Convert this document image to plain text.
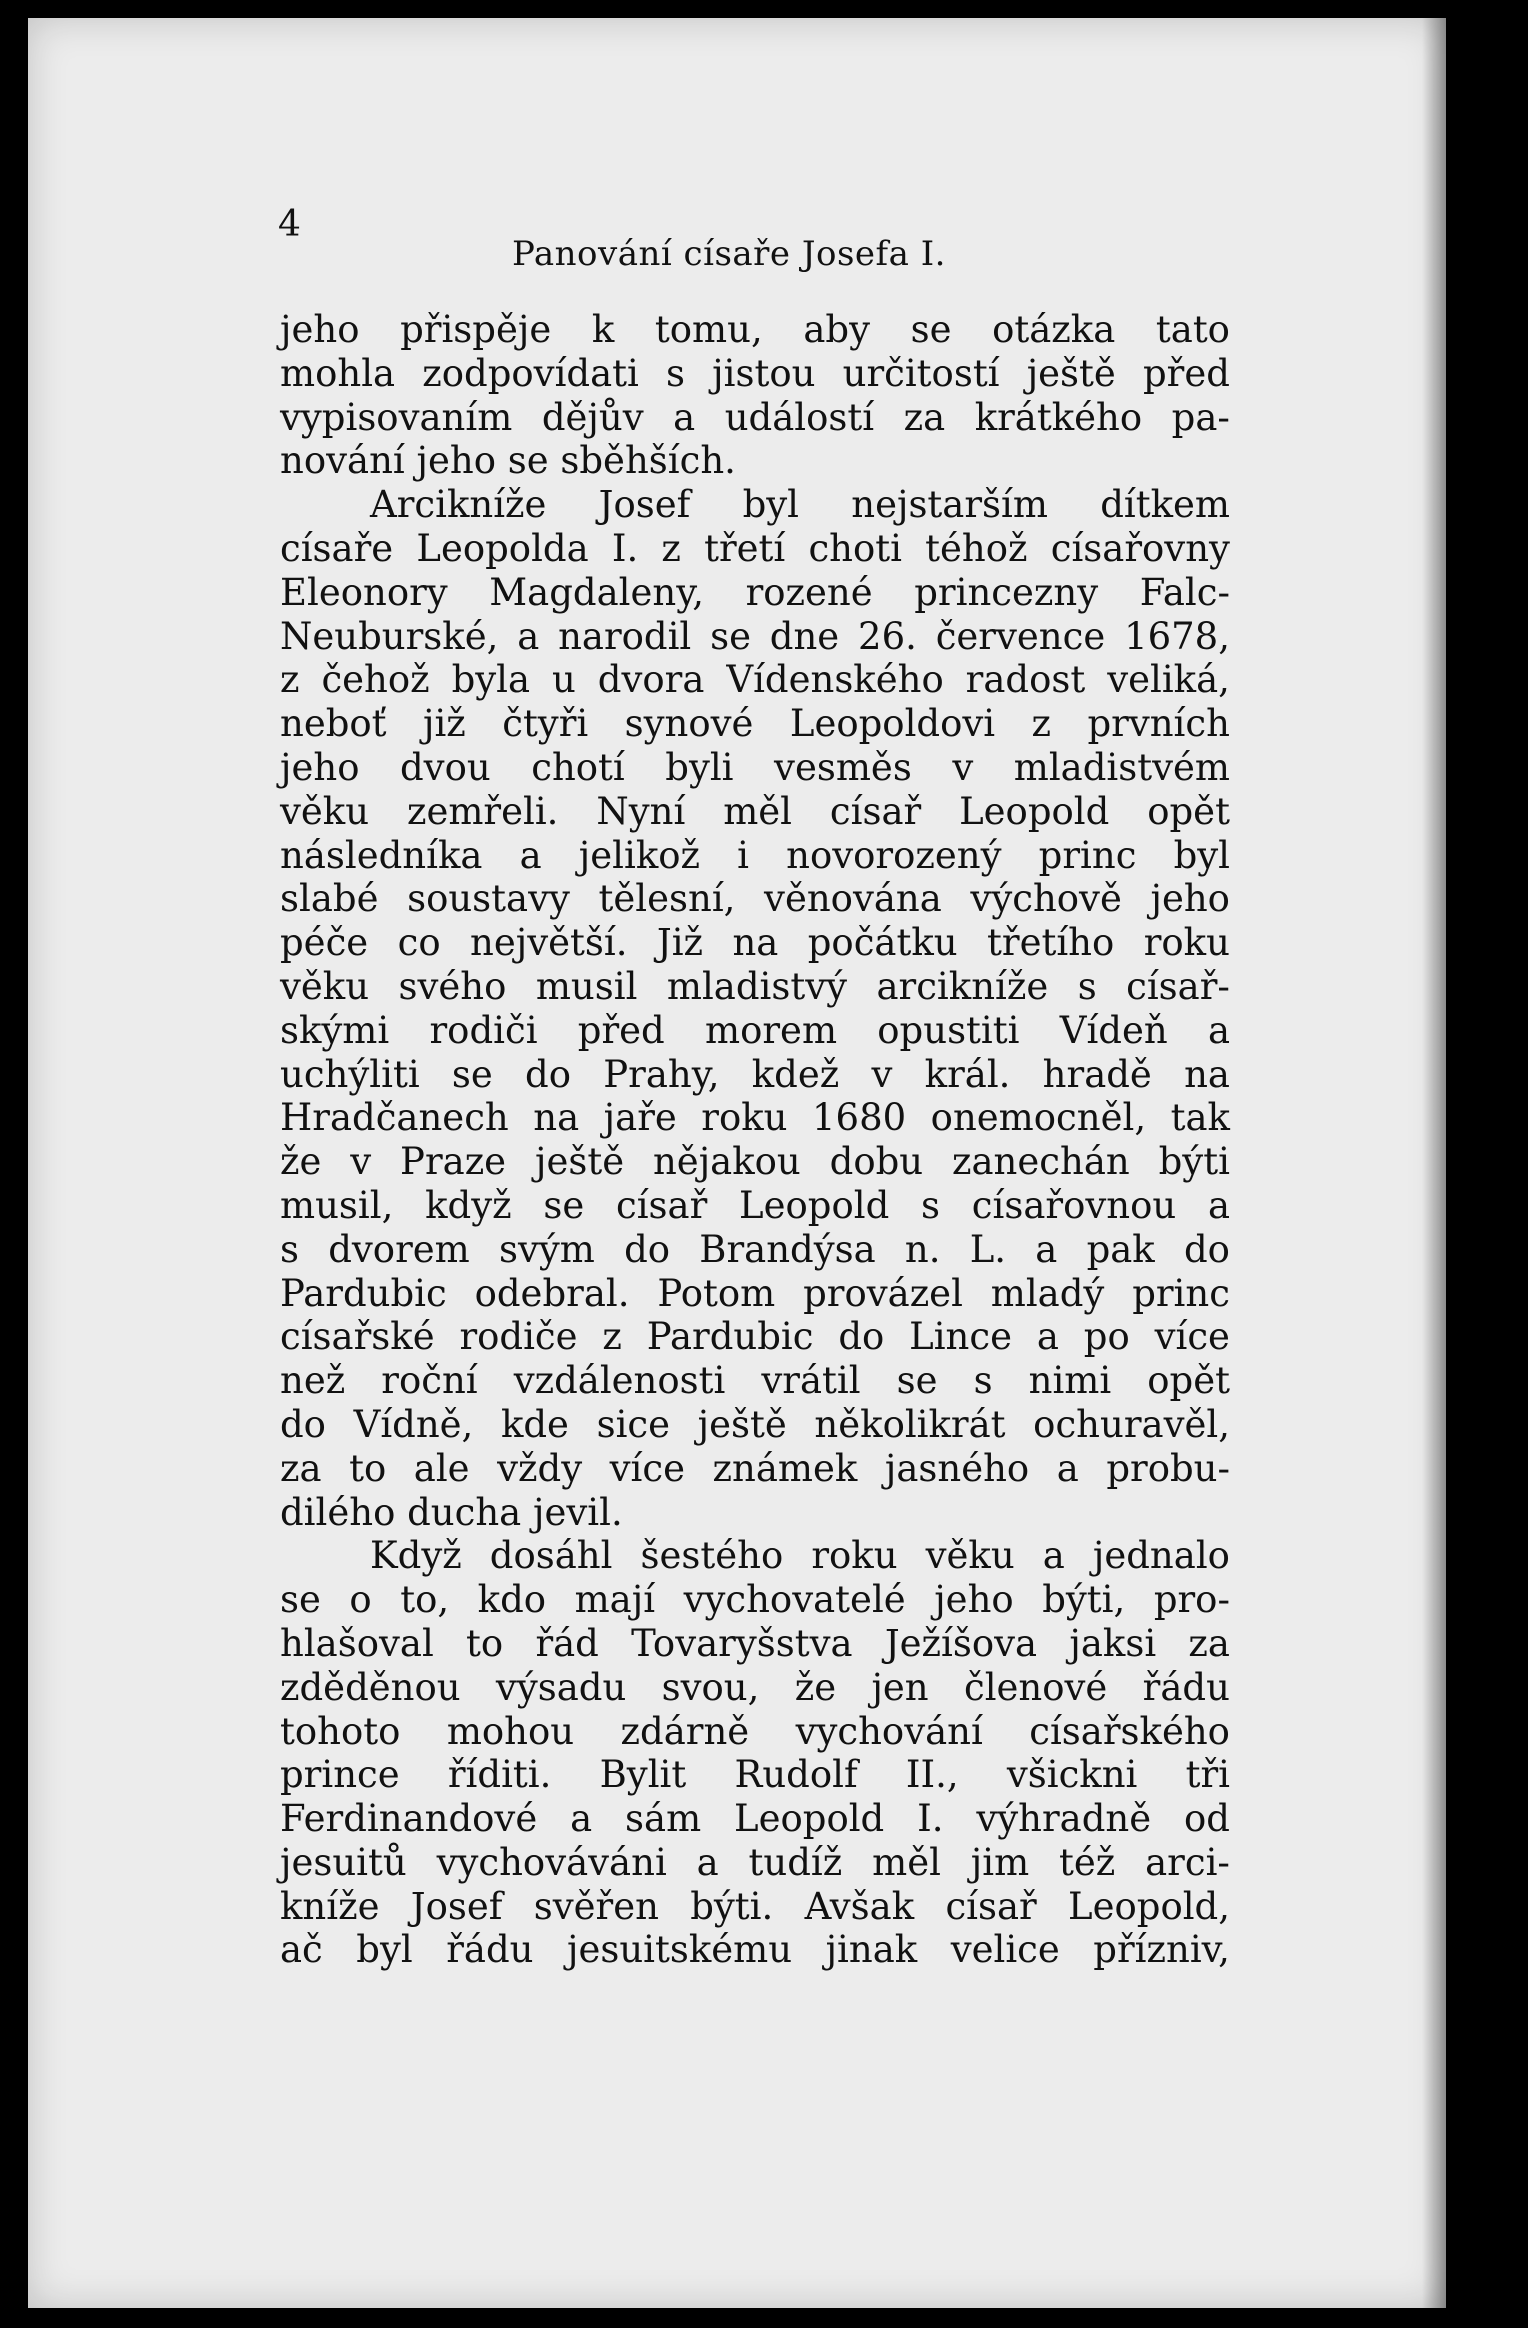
4
Panování císaře Josefa I.
jeho přispěje k tomu, aby se otázka tato
mohla zodpovídati s jistou určitostí ještě před
vypisovaním dějův a událostí za krátkého pa-
nování jeho se sběhších.
Arcikníže Josef byl nejstarším dítkem
císaře Leopolda I. z třetí choti téhož císařovny
Eleonory Magdaleny, rozené princezny Falc-
Neuburské, a narodil se dne 26. července 1678,
z čehož byla u dvora Vídenského radost veliká,
neboť již čtyři synové Leopoldovi z prvních
jeho dvou chotí byli vesměs v mladistvém
věku zemřeli. Nyní měl císař Leopold opět
následníka a jelikož i novorozený princ byl
slabé soustavy tělesní, věnována výchově jeho
péče co největší. Již na počátku třetího roku
věku svého musil mladistvý arcikníže s císař-
skými rodiči před morem opustiti Vídeň a
uchýliti se do Prahy, kdež v král. hradě na
Hradčanech na jaře roku 1680 onemocněl, tak
že v Praze ještě nějakou dobu zanechán býti
musil, když se císař Leopold s císařovnou a
s dvorem svým do Brandýsa n. L. a pak do
Pardubic odebral. Potom provázel mladý princ
císařské rodiče z Pardubic do Lince a po více
než roční vzdálenosti vrátil se s nimi opět
do Vídně, kde sice ještě několikrát ochuravěl,
za to ale vždy více známek jasného a probu-
dilého ducha jevil.
Když dosáhl šestého roku věku a jednalo
se o to, kdo mají vychovatelé jeho býti, pro-
hlašoval to řád Tovaryšstva Ježíšova jaksi za
zděděnou výsadu svou, že jen členové řádu
tohoto mohou zdárně vychování císařského
prince říditi. Bylit Rudolf II., všickni tři
Ferdinandové a sám Leopold I. výhradně od
jesuitů vychováváni a tudíž měl jim též arci-
kníže Josef svěřen býti. Avšak císař Leopold,
ač byl řádu jesuitskému jinak velice přízniv,
